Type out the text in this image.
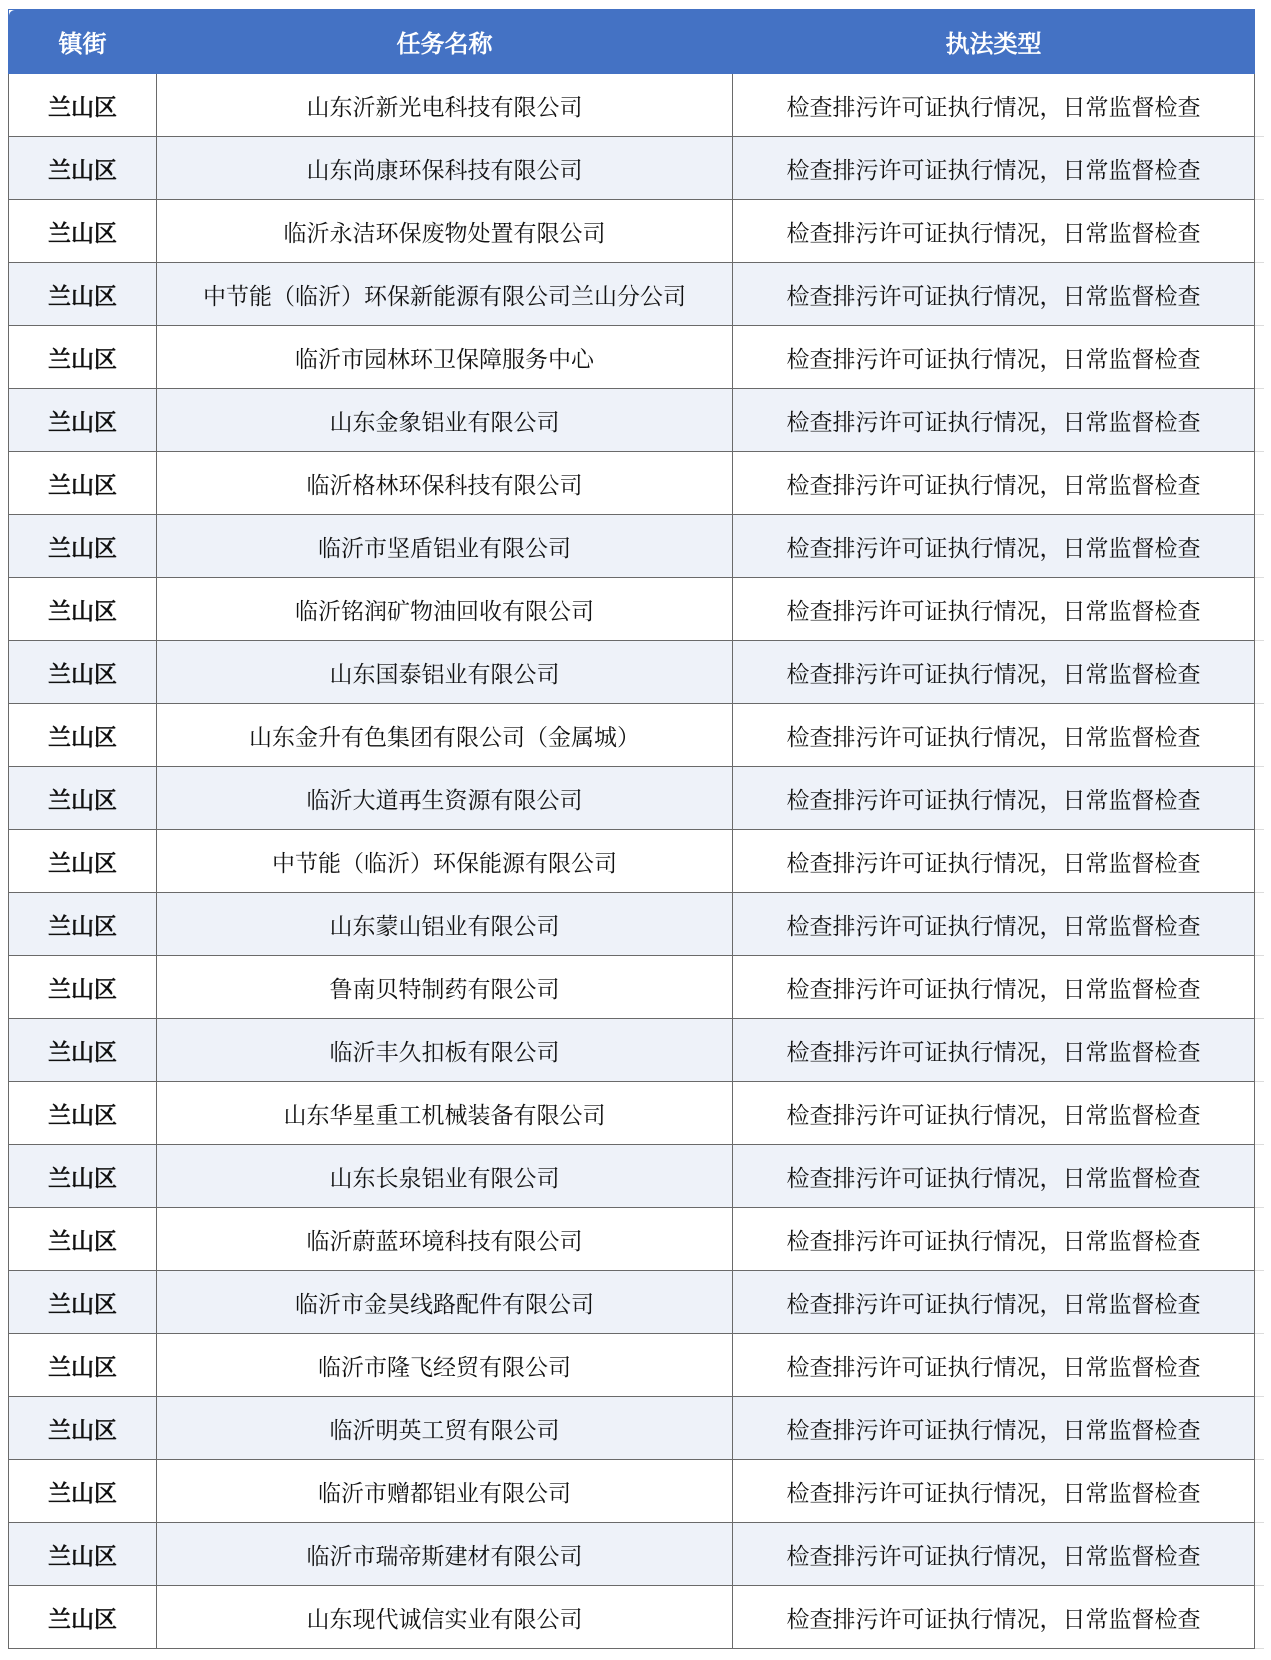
镇街	任务名称	执法类型	
兰山区	山东沂新光电科技有限公司	检查排污许可证执行情况，日常监督检查	
兰山区	山东尚康环保科技有限公司	检查排污许可证执行情况，日常监督检查	
兰山区	临沂永洁环保废物处置有限公司	检查排污许可证执行情况，日常监督检查	
兰山区	中节能（临沂）环保新能源有限公司兰山分公司	检查排污许可证执行情况，日常监督检查	
兰山区	临沂市园林环卫保障服务中心	检查排污许可证执行情况，日常监督检查	
兰山区	山东金象铝业有限公司	检查排污许可证执行情况，日常监督检查	
兰山区	临沂格林环保科技有限公司	检查排污许可证执行情况，日常监督检查	
兰山区	临沂市坚盾铝业有限公司	检查排污许可证执行情况，日常监督检查	
兰山区	临沂铭润矿物油回收有限公司	检查排污许可证执行情况，日常监督检查	
兰山区	山东国泰铝业有限公司	检查排污许可证执行情况，日常监督检查	
兰山区	山东金升有色集团有限公司（金属城）	检查排污许可证执行情况，日常监督检查	
兰山区	临沂大道再生资源有限公司	检查排污许可证执行情况，日常监督检查	
兰山区	中节能（临沂）环保能源有限公司	检查排污许可证执行情况，日常监督检查	
兰山区	山东蒙山铝业有限公司	检查排污许可证执行情况，日常监督检查	
兰山区	鲁南贝特制药有限公司	检查排污许可证执行情况，日常监督检查	
兰山区	临沂丰久扣板有限公司	检查排污许可证执行情况，日常监督检查	
兰山区	山东华星重工机械装备有限公司	检查排污许可证执行情况，日常监督检查	
兰山区	山东长泉铝业有限公司	检查排污许可证执行情况，日常监督检查	
兰山区	临沂蔚蓝环境科技有限公司	检查排污许可证执行情况，日常监督检查	
兰山区	临沂市金昊线路配件有限公司	检查排污许可证执行情况，日常监督检查	
兰山区	临沂市隆飞经贸有限公司	检查排污许可证执行情况，日常监督检查	
兰山区	临沂明英工贸有限公司	检查排污许可证执行情况，日常监督检查	
兰山区	临沂市赠都铝业有限公司	检查排污许可证执行情况，日常监督检查	
兰山区	临沂市瑞帝斯建材有限公司	检查排污许可证执行情况，日常监督检查	
兰山区	山东现代诚信实业有限公司	检查排污许可证执行情况，日常监督检查	
